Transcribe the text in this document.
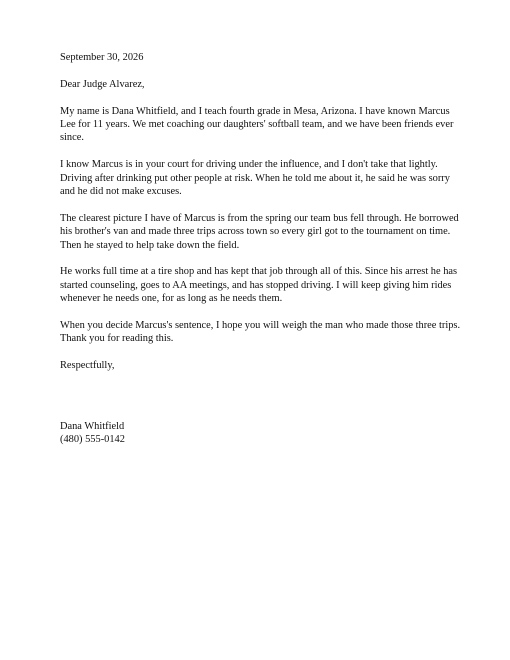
September 30, 2026

Dear Judge Alvarez,

My name is Dana Whitfield, and I teach fourth grade in Mesa, Arizona. I have known Marcus
Lee for 11 years. We met coaching our daughters' softball team, and we have been friends ever
since.
I know Marcus is in your court for driving under the influence, and I don't take that lightly.
Driving after drinking put other people at risk. When he told me about it, he said he was sorry
and he did not make excuses.
The clearest picture I have of Marcus is from the spring our team bus fell through. He borrowed
his brother's van and made three trips across town so every girl got to the tournament on time.
Then he stayed to help take down the field.
He works full time at a tire shop and has kept that job through all of this. Since his arrest he has
started counseling, goes to AA meetings, and has stopped driving. I will keep giving him rides
whenever he needs one, for as long as he needs them.
When you decide Marcus's sentence, I hope you will weigh the man who made those three trips.
Thank you for reading this.

Respectfully,

Dana Whitfield

(480) 555-0142
